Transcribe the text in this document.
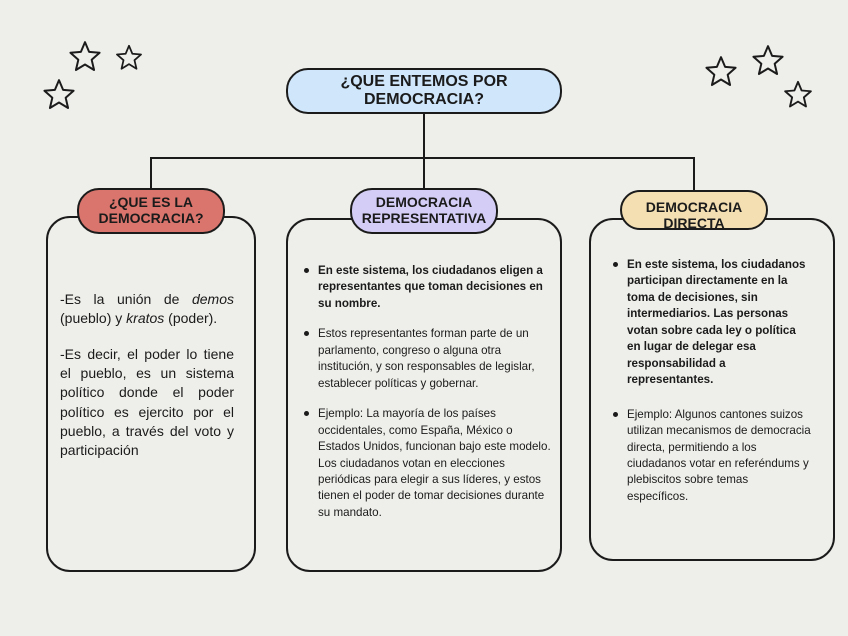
¿QUE ENTEMOS POR DEMOCRACIA?
¿QUE ES LA DEMOCRACIA?
DEMOCRACIA REPRESENTATIVA
DEMOCRACIA DIRECTA

-Es la unión de demos (pueblo) y kratos (poder).

-Es decir, el poder lo tiene el pueblo, es un sistema político donde el poder político es ejercito por el pueblo, a través del voto y participación

En este sistema, los ciudadanos eligen a representantes que toman decisiones en su nombre.
Estos representantes forman parte de un parlamento, congreso o alguna otra institución, y son responsables de legislar, establecer políticas y gobernar.
Ejemplo: La mayoría de los países occidentales, como España, México o Estados Unidos, funcionan bajo este modelo. Los ciudadanos votan en elecciones periódicas para elegir a sus líderes, y estos tienen el poder de tomar decisiones durante su mandato.
En este sistema, los ciudadanos participan directamente en la toma de decisiones, sin intermediarios. Las personas votan sobre cada ley o política en lugar de delegar esa responsabilidad a representantes.
Ejemplo: Algunos cantones suizos utilizan mecanismos de democracia directa, permitiendo a los ciudadanos votar en referéndums y plebiscitos sobre temas específicos.
